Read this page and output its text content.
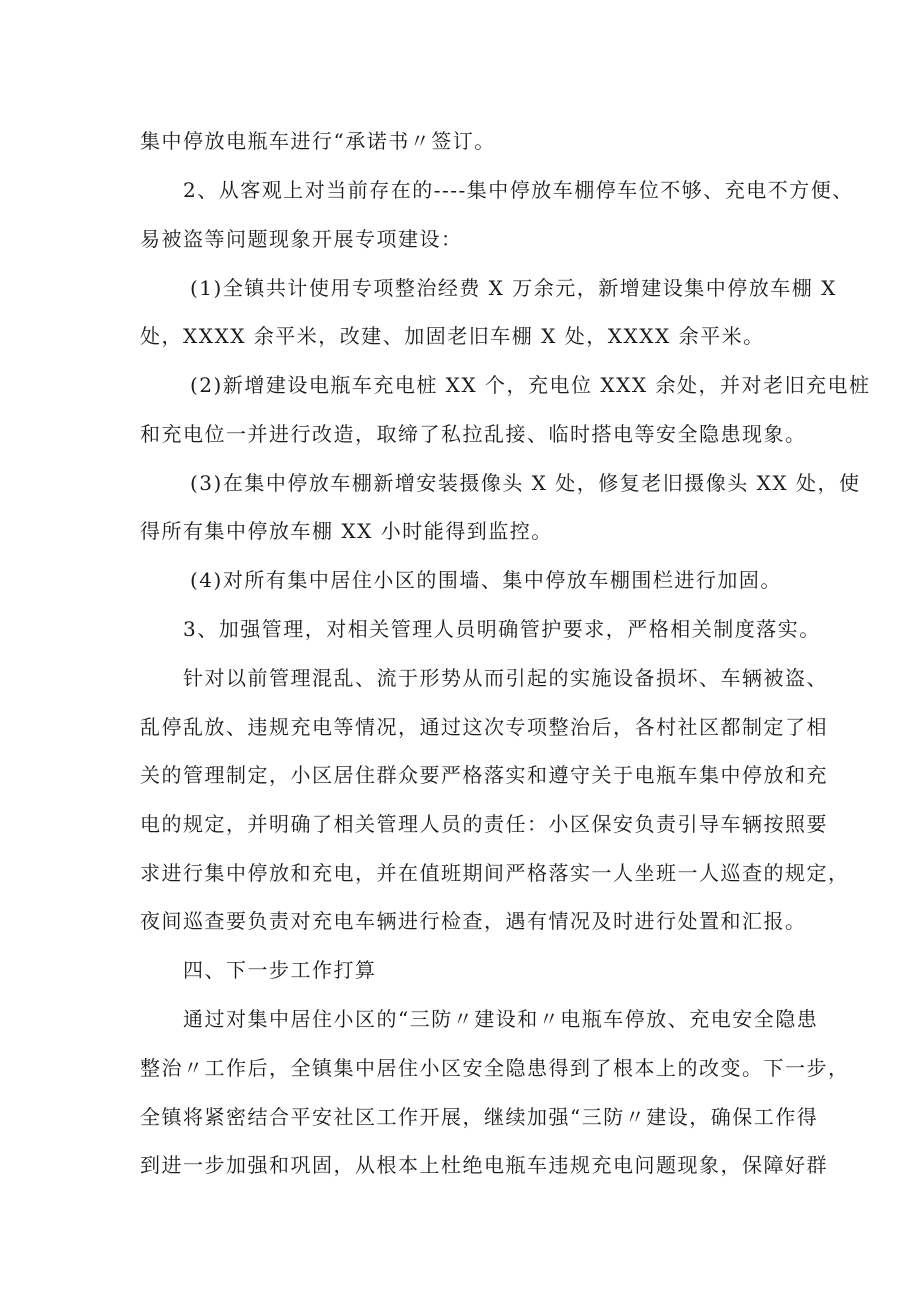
集中停放电瓶车进行“承诺书〃签订。
2、从客观上对当前存在的----集中停放车棚停车位不够、充电不方便、
易被盗等问题现象开展专项建设：
(1)全镇共计使用专项整治经费 X 万余元，新增建设集中停放车棚 X
处，XXXX 余平米，改建、加固老旧车棚 X 处，XXXX 余平米。
(2)新增建设电瓶车充电桩 XX 个，充电位 XXX 余处，并对老旧充电桩
和充电位一并进行改造，取缔了私拉乱接、临时搭电等安全隐患现象。
(3)在集中停放车棚新增安装摄像头 X 处，修复老旧摄像头 XX 处，使
得所有集中停放车棚 XX 小时能得到监控。
(4)对所有集中居住小区的围墙、集中停放车棚围栏进行加固。
3、加强管理，对相关管理人员明确管护要求，严格相关制度落实。
针对以前管理混乱、流于形势从而引起的实施设备损坏、车辆被盗、
乱停乱放、违规充电等情况，通过这次专项整治后，各村社区都制定了相
关的管理制定，小区居住群众要严格落实和遵守关于电瓶车集中停放和充
电的规定，并明确了相关管理人员的责任：小区保安负责引导车辆按照要
求进行集中停放和充电，并在值班期间严格落实一人坐班一人巡查的规定，
夜间巡查要负责对充电车辆进行检查，遇有情况及时进行处置和汇报。
四、下一步工作打算
通过对集中居住小区的“三防〃建设和〃电瓶车停放、充电安全隐患
整治〃工作后，全镇集中居住小区安全隐患得到了根本上的改变。下一步，
全镇将紧密结合平安社区工作开展，继续加强“三防〃建设，确保工作得
到进一步加强和巩固，从根本上杜绝电瓶车违规充电问题现象，保障好群
